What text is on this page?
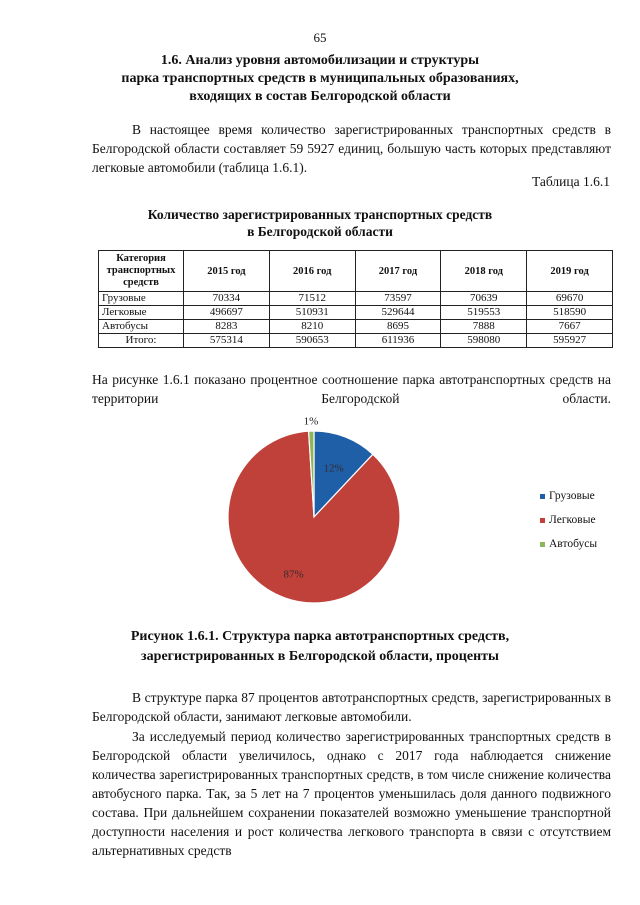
65
1.6. Анализ уровня автомобилизации и структуры
парка транспортных средств в муниципальных образованиях,
входящих в состав Белгородской области
В настоящее время количество зарегистрированных транспортных средств в Белгородской области составляет 59 5927 единиц, большую часть которых представляют легковые автомобили (таблица 1.6.1).
Таблица 1.6.1
Количество зарегистрированных транспортных средств
в Белгородской области
Категория транспортных средств	2015 год	2016 год	2017 год	2018 год	2019 год
Грузовые	70334	71512	73597	70639	69670
Легковые	496697	510931	529644	519553	518590
Автобусы	8283	8210	8695	7888	7667
Итого:	575314	590653	611936	598080	595927
На рисунке 1.6.1 показано процентное соотношение парка автотранспортных средств на территории Белгородской области.
12%
87%
1%
Грузовые
Легковые
Автобусы
Рисунок 1.6.1. Структура парка автотранспортных средств,
зарегистрированных в Белгородской области, проценты
В структуре парка 87 процентов автотранспортных средств, зарегистрированных в Белгородской области, занимают легковые автомобили.
За исследуемый период количество зарегистрированных транспортных средств в Белгородской области увеличилось, однако с 2017 года наблюдается снижение количества зарегистрированных транспортных средств, в том числе снижение количества автобусного парка. Так, за 5 лет на 7 процентов уменьшилась доля данного подвижного состава. При дальнейшем сохранении показателей возможно уменьшение транспортной доступности населения и рост количества легкового транспорта в связи с отсутствием альтернативных средств
